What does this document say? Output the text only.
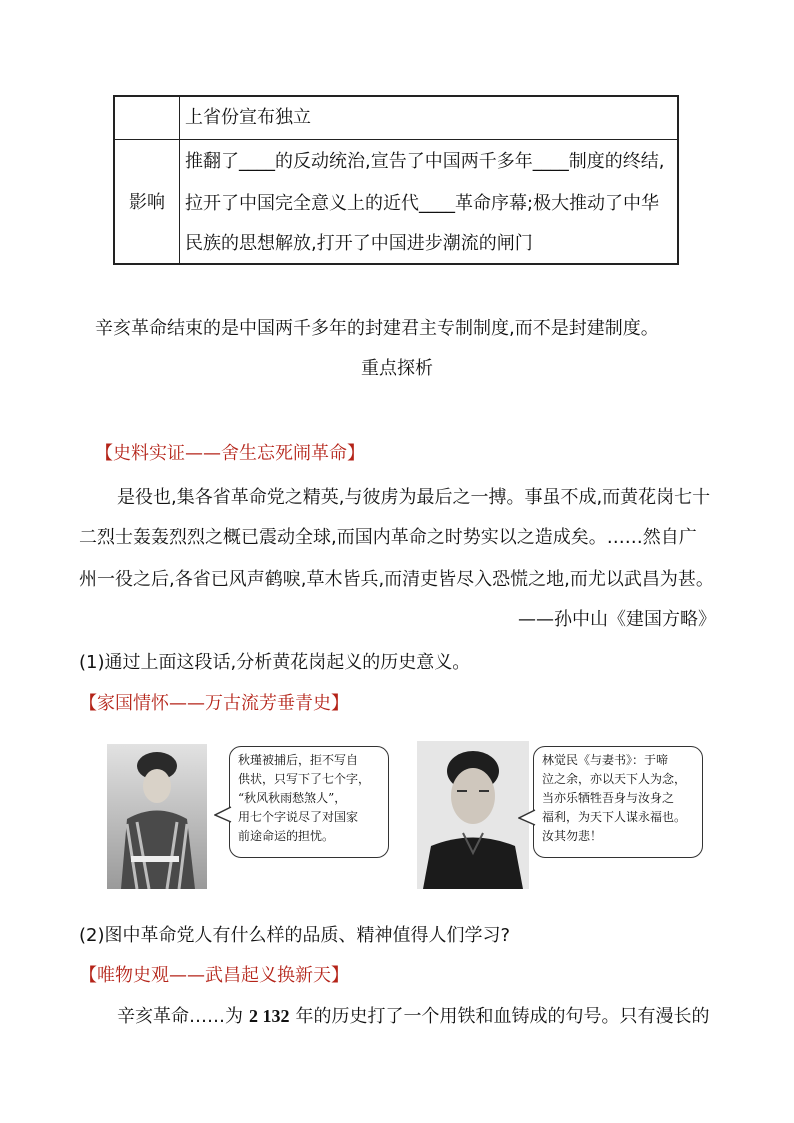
上省份宣布独立
影响
推翻了____的反动统治,宣告了中国两千多年____制度的终结,
拉开了中国完全意义上的近代____革命序幕;极大推动了中华
民族的思想解放,打开了中国进步潮流的闸门
辛亥革命结束的是中国两千多年的封建君主专制制度,而不是封建制度。
重点探析
【史料实证——舍生忘死闹革命】
是役也,集各省革命党之精英,与彼虏为最后之一搏。事虽不成,而黄花岗七十
二烈士轰轰烈烈之概已震动全球,而国内革命之时势实以之造成矣。……然自广
州一役之后,各省已风声鹤唳,草木皆兵,而清吏皆尽入恐慌之地,而尤以武昌为甚。
——孙中山《建国方略》
(1)通过上面这段话,分析黄花岗起义的历史意义。
【家国情怀——万古流芳垂青史】
秋瑾被捕后，拒不写自
供状，只写下了七个字，
“秋风秋雨愁煞人”，
用七个字说尽了对国家
前途命运的担忧。
林觉民《与妻书》：于啼
泣之余，亦以天下人为念，
当亦乐牺牲吾身与汝身之
福利，为天下人谋永福也。
汝其勿悲！
(2)图中革命党人有什么样的品质、精神值得人们学习?
【唯物史观——武昌起义换新天】
辛亥革命……为 2 132 年的历史打了一个用铁和血铸成的句号。只有漫长的
